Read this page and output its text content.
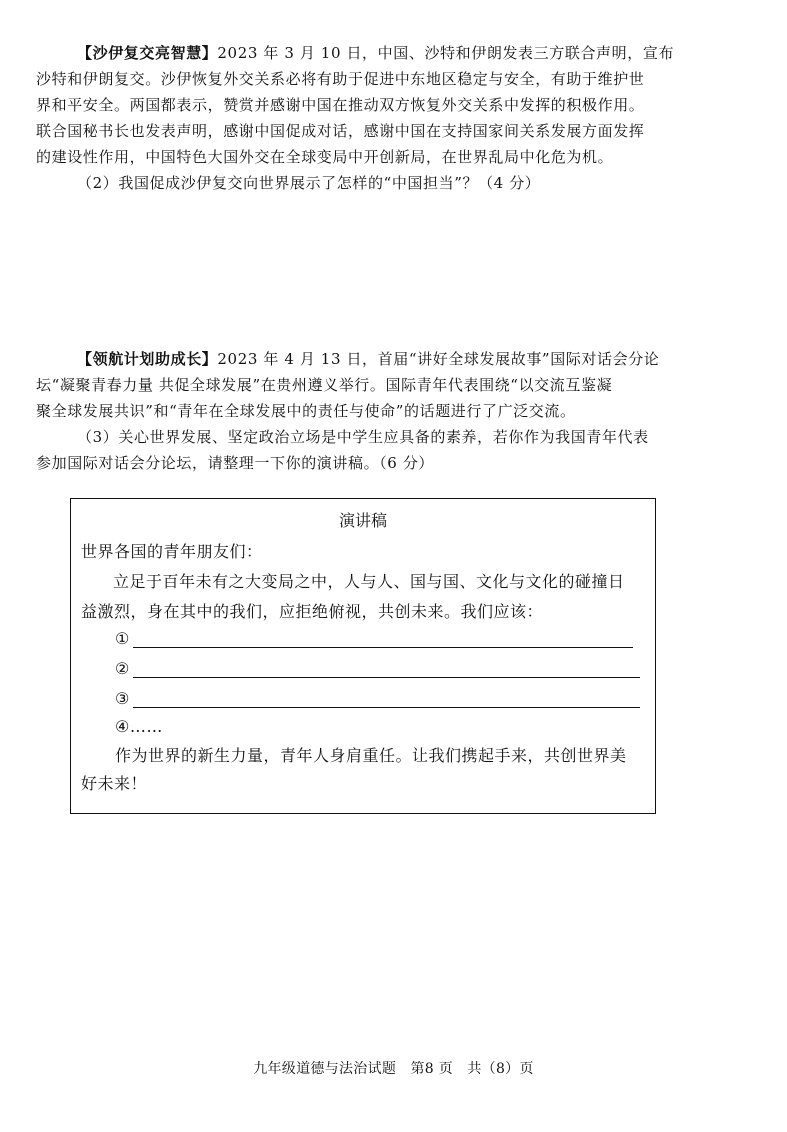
【沙伊复交亮智慧】2023 年 3 月 10 日，中国、沙特和伊朗发表三方联合声明，宣布
沙特和伊朗复交。沙伊恢复外交关系必将有助于促进中东地区稳定与安全，有助于维护世
界和平安全。两国都表示，赞赏并感谢中国在推动双方恢复外交关系中发挥的积极作用。
联合国秘书长也发表声明，感谢中国促成对话，感谢中国在支持国家间关系发展方面发挥
的建设性作用，中国特色大国外交在全球变局中开创新局，在世界乱局中化危为机。
（2）我国促成沙伊复交向世界展示了怎样的“中国担当”？（4 分）
【领航计划助成长】2023 年 4 月 13 日，首届“讲好全球发展故事”国际对话会分论
坛“凝聚青春力量 共促全球发展”在贵州遵义举行。国际青年代表围绕“以交流互鉴凝
聚全球发展共识”和“青年在全球发展中的责任与使命”的话题进行了广泛交流。
（3）关心世界发展、坚定政治立场是中学生应具备的素养，若你作为我国青年代表
参加国际对话会分论坛，请整理一下你的演讲稿。（6 分）
演讲稿
世界各国的青年朋友们：
立足于百年未有之大变局之中，人与人、国与国、文化与文化的碰撞日
益激烈，身在其中的我们，应拒绝俯视，共创未来。我们应该：
①
②
③
④……
作为世界的新生力量，青年人身肩重任。让我们携起手来，共创世界美
好未来！
九年级道德与法治试题　第8 页　共（8）页
